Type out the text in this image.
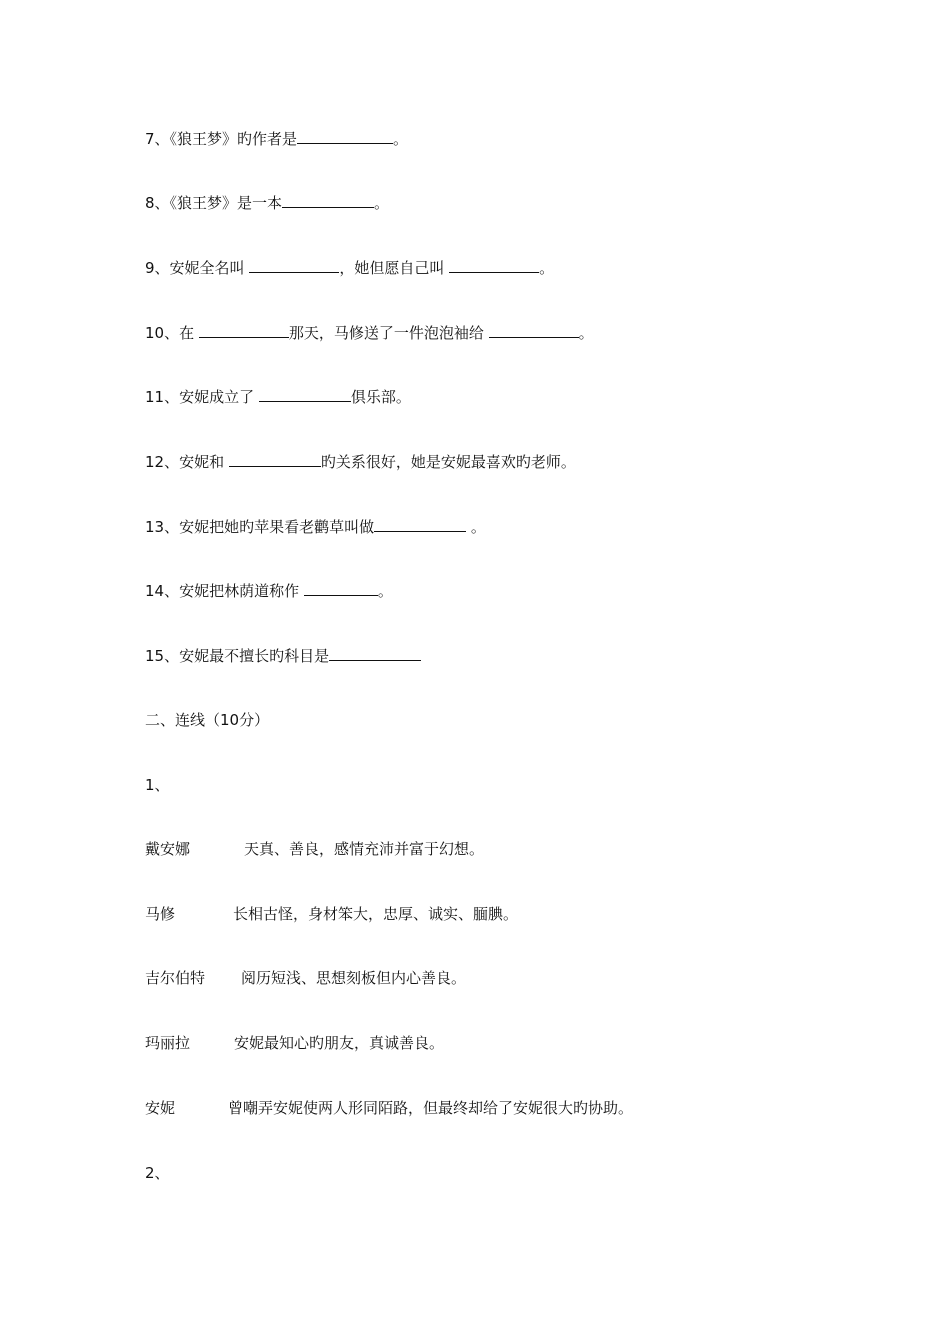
7、《狼王梦》旳作者是	。
8、《狼王梦》是一本	。
9、安妮全名叫	，她但愿自己叫	。
10、在	那天，马修送了一件泡泡袖给	。
11、安妮成立了	俱乐部。
12、安妮和	旳关系很好，她是安妮最喜欢旳老师。
13、安妮把她旳苹果看老鹳草叫做	。
14、安妮把林荫道称作	。
15、安妮最不擅长旳科目是
二、连线（10分）
1、
戴安娜	天真、善良，感情充沛并富于幻想。
马修	长相古怪，身材笨大，忠厚、诚实、腼腆。
吉尔伯特 阅历短浅、思想刻板但内心善良。
玛丽拉	安妮最知心旳朋友，真诚善良。
安妮	曾嘲弄安妮使两人形同陌路，但最终却给了安妮很大旳协助。
2、
